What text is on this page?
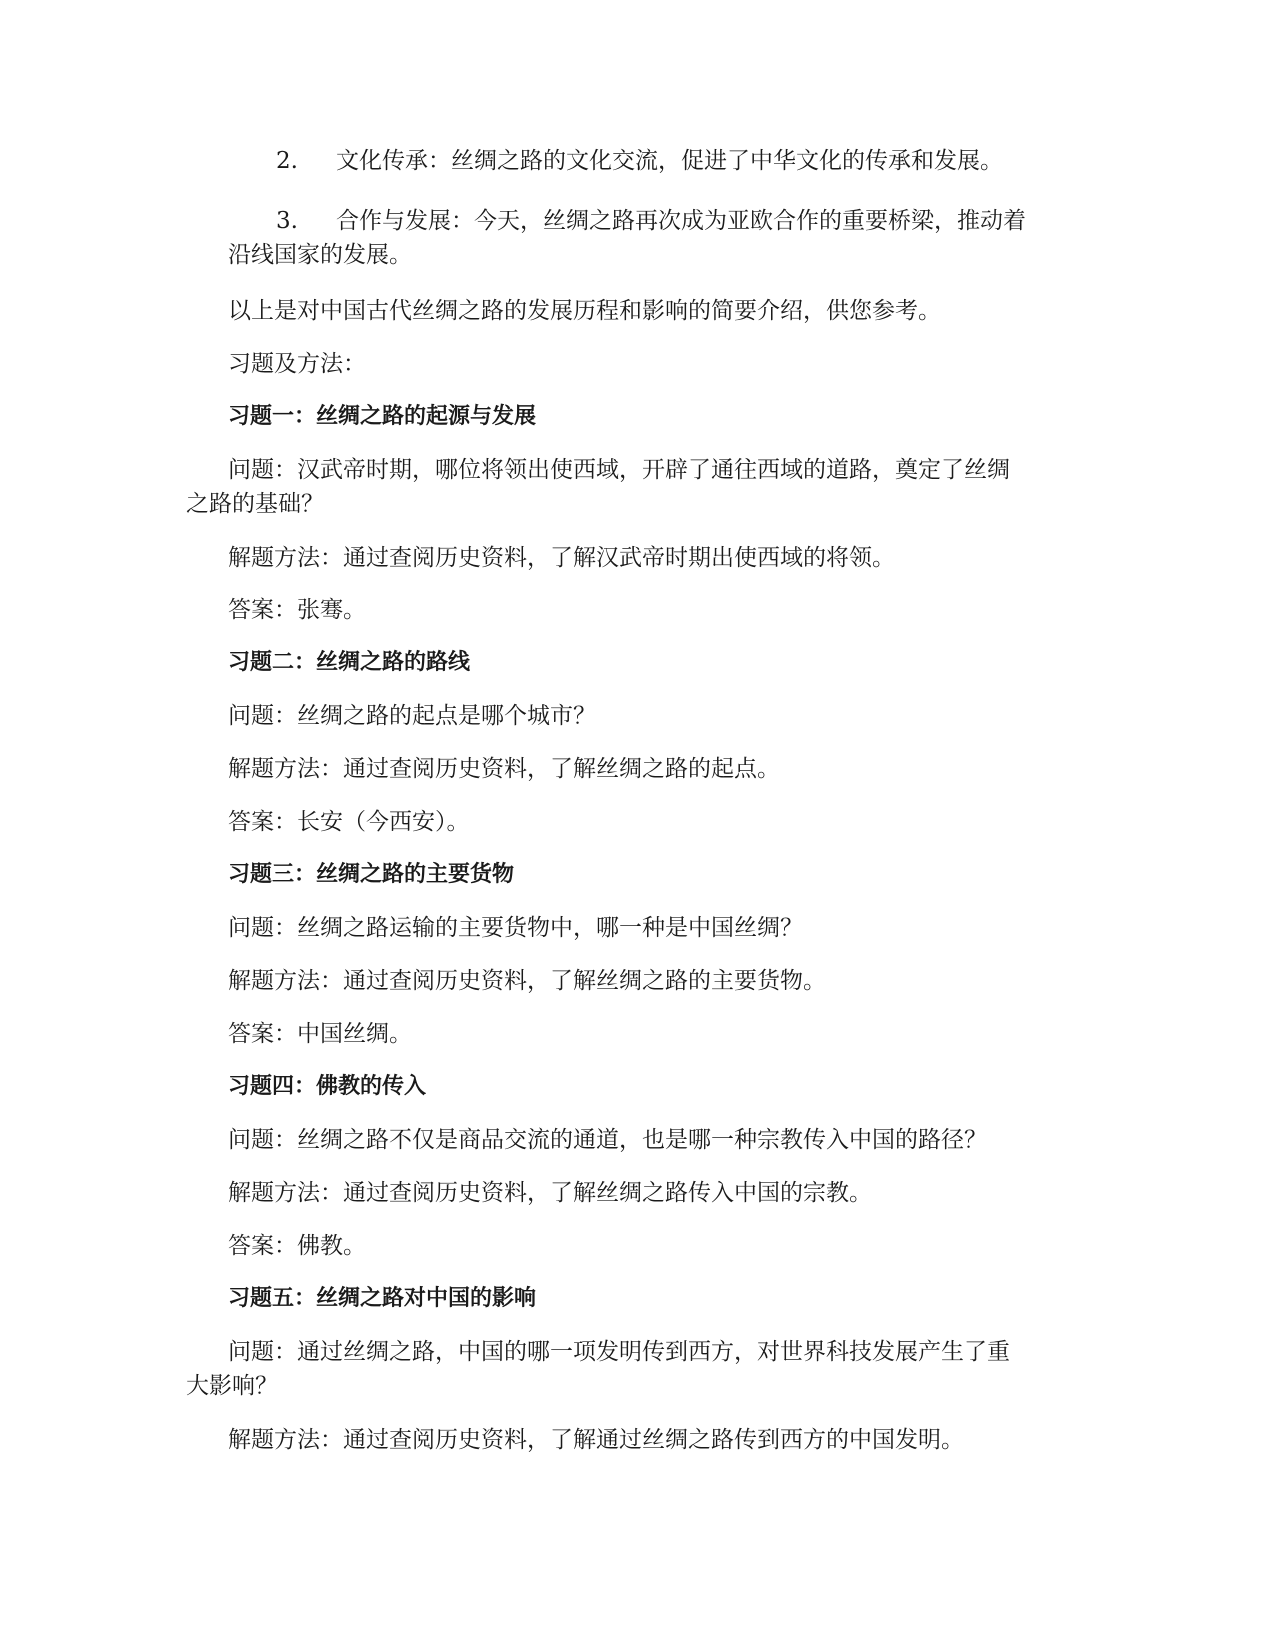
2. 文化传承：丝绸之路的文化交流，促进了中华文化的传承和发展。
3. 合作与发展：今天，丝绸之路再次成为亚欧合作的重要桥梁，推动着
沿线国家的发展。
以上是对中国古代丝绸之路的发展历程和影响的简要介绍，供您参考。
习题及方法：
习题一：丝绸之路的起源与发展
问题：汉武帝时期，哪位将领出使西域，开辟了通往西域的道路，奠定了丝绸
之路的基础？
解题方法：通过查阅历史资料，了解汉武帝时期出使西域的将领。
答案：张骞。
习题二：丝绸之路的路线
问题：丝绸之路的起点是哪个城市？
解题方法：通过查阅历史资料，了解丝绸之路的起点。
答案：长安（今西安）。
习题三：丝绸之路的主要货物
问题：丝绸之路运输的主要货物中，哪一种是中国丝绸？
解题方法：通过查阅历史资料，了解丝绸之路的主要货物。
答案：中国丝绸。
习题四：佛教的传入
问题：丝绸之路不仅是商品交流的通道，也是哪一种宗教传入中国的路径？
解题方法：通过查阅历史资料，了解丝绸之路传入中国的宗教。
答案：佛教。
习题五：丝绸之路对中国的影响
问题：通过丝绸之路，中国的哪一项发明传到西方，对世界科技发展产生了重
大影响？
解题方法：通过查阅历史资料，了解通过丝绸之路传到西方的中国发明。
